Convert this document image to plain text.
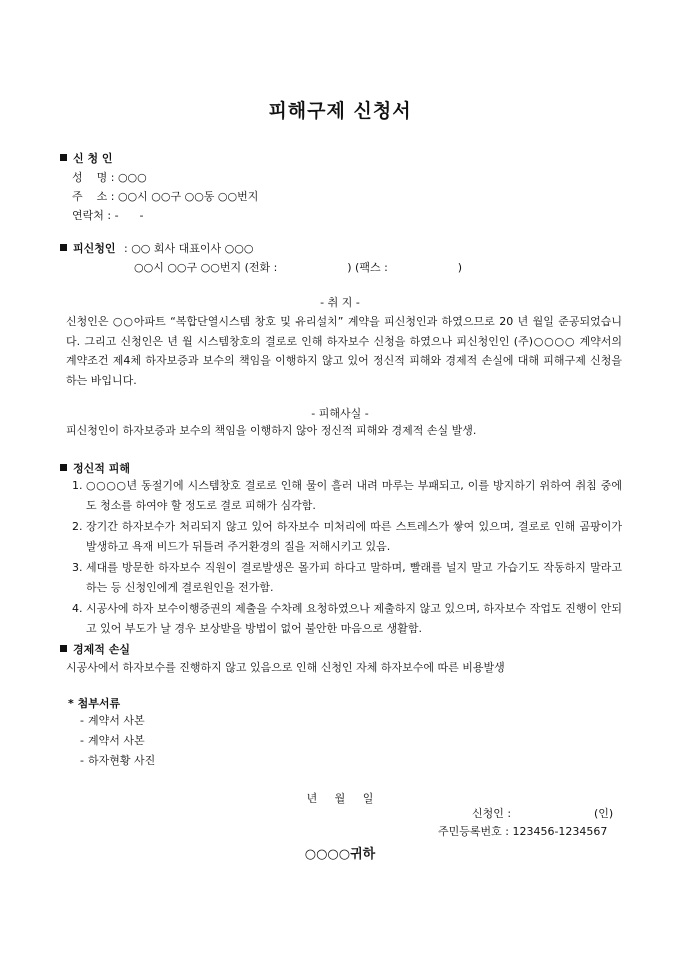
피해구제 신청서
신 청 인
성    명 : ○○○
주    소 : ○○시 ○○구 ○○동 ○○번지
연락처 : -      -
피신청인 : ○○ 회사 대표이사 ○○○
○○시 ○○구 ○○번지 (전화 :                    ) (팩스 :                    )
- 취 지 -
신청인은 ○○아파트 “복합단열시스템 창호 및 유리설치” 계약을 피신청인과 하였으므로 20 년 월일 준공되었습니다. 그리고 신청인은 년 월 시스템창호의 결로로 인해 하자보수 신청을 하였으나 피신청인인 (주)○○○○ 계약서의 계약조건 제4체 하자보증과 보수의 책임을 이행하지 않고 있어 정신적 피해와 경제적 손실에 대해 피해구제 신청을 하는 바입니다.
- 피해사실 -
피신청인이 하자보증과 보수의 책임을 이행하지 않아 정신적 피해와 경제적 손실 발생.
정신적 피해
1. ○○○○년 동절기에 시스템창호 결로로 인해 물이 흘러 내려 마루는 부패되고, 이를 방지하기 위하여 취침 중에도 청소를 하여야 할 정도로 결로 피해가 심각함.
2. 장기간 하자보수가 처리되지 않고 있어 하자보수 미처리에 따른 스트레스가 쌓여 있으며, 결로로 인해 곰팡이가 발생하고 욕재 비드가 뒤틀려 주거환경의 질을 저해시키고 있음.
3. 세대를 방문한 하자보수 직원이 결로발생은 몰가피 하다고 말하며, 빨래를 널지 말고 가습기도 작동하지 말라고 하는 등 신청인에게 결로원인을 전가함.
4. 시공사에 하자 보수이행증권의 제출을 수차례 요청하였으나 제출하지 않고 있으며, 하자보수 작업도 진행이 안되고 있어 부도가 날 경우 보상받을 방법이 없어 불안한 마음으로 생활함.
경제적 손실
시공사에서 하자보수를 진행하지 않고 있음으로 인해 신청인 자체 하자보수에 따른 비용발생
* 첨부서류
- 계약서 사본
- 계약서 사본
- 하자현황 사진
년     월     일
신청인 :	(인)
주민등록번호 : 123456-1234567
○○○○귀하
